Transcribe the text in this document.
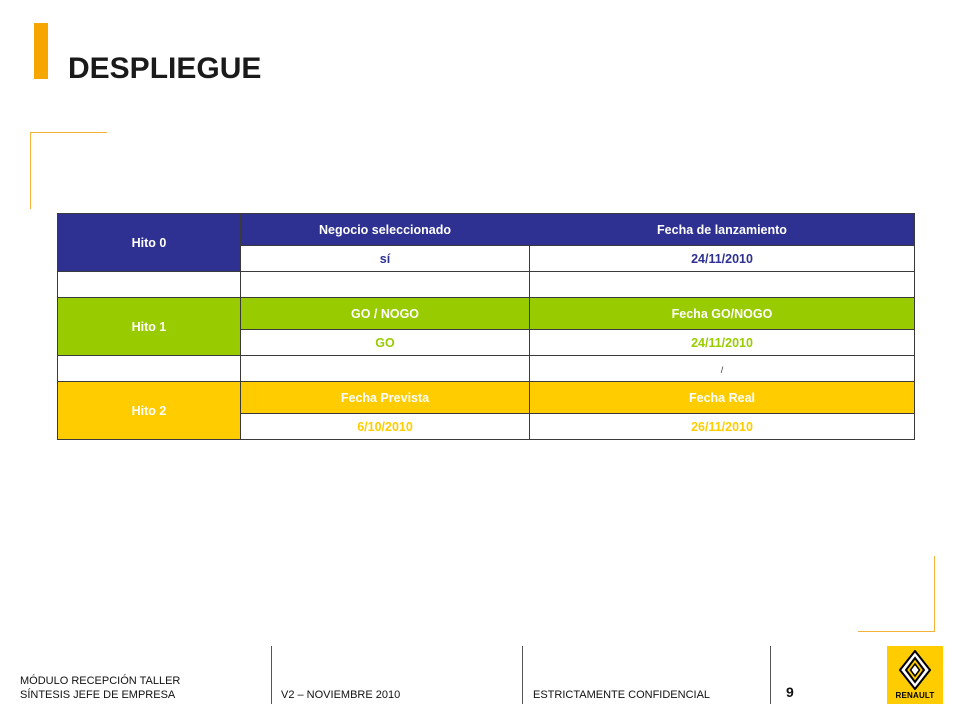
DESPLIEGUE
Hito 0	Negocio seleccionado	Fecha de lanzamiento
	sí	24/11/2010

Hito 1	GO / NOGO	Fecha GO/NOGO
	GO	24/11/2010
		/
Hito 2	Fecha Prevista	Fecha Real
	6/10/2010	26/11/2010
MÓDULO RECEPCIÓN TALLER
SÍNTESIS JEFE DE EMPRESA	V2 – NOVIEMBRE 2010	ESTRICTAMENTE CONFIDENCIAL	9	RENAULT
